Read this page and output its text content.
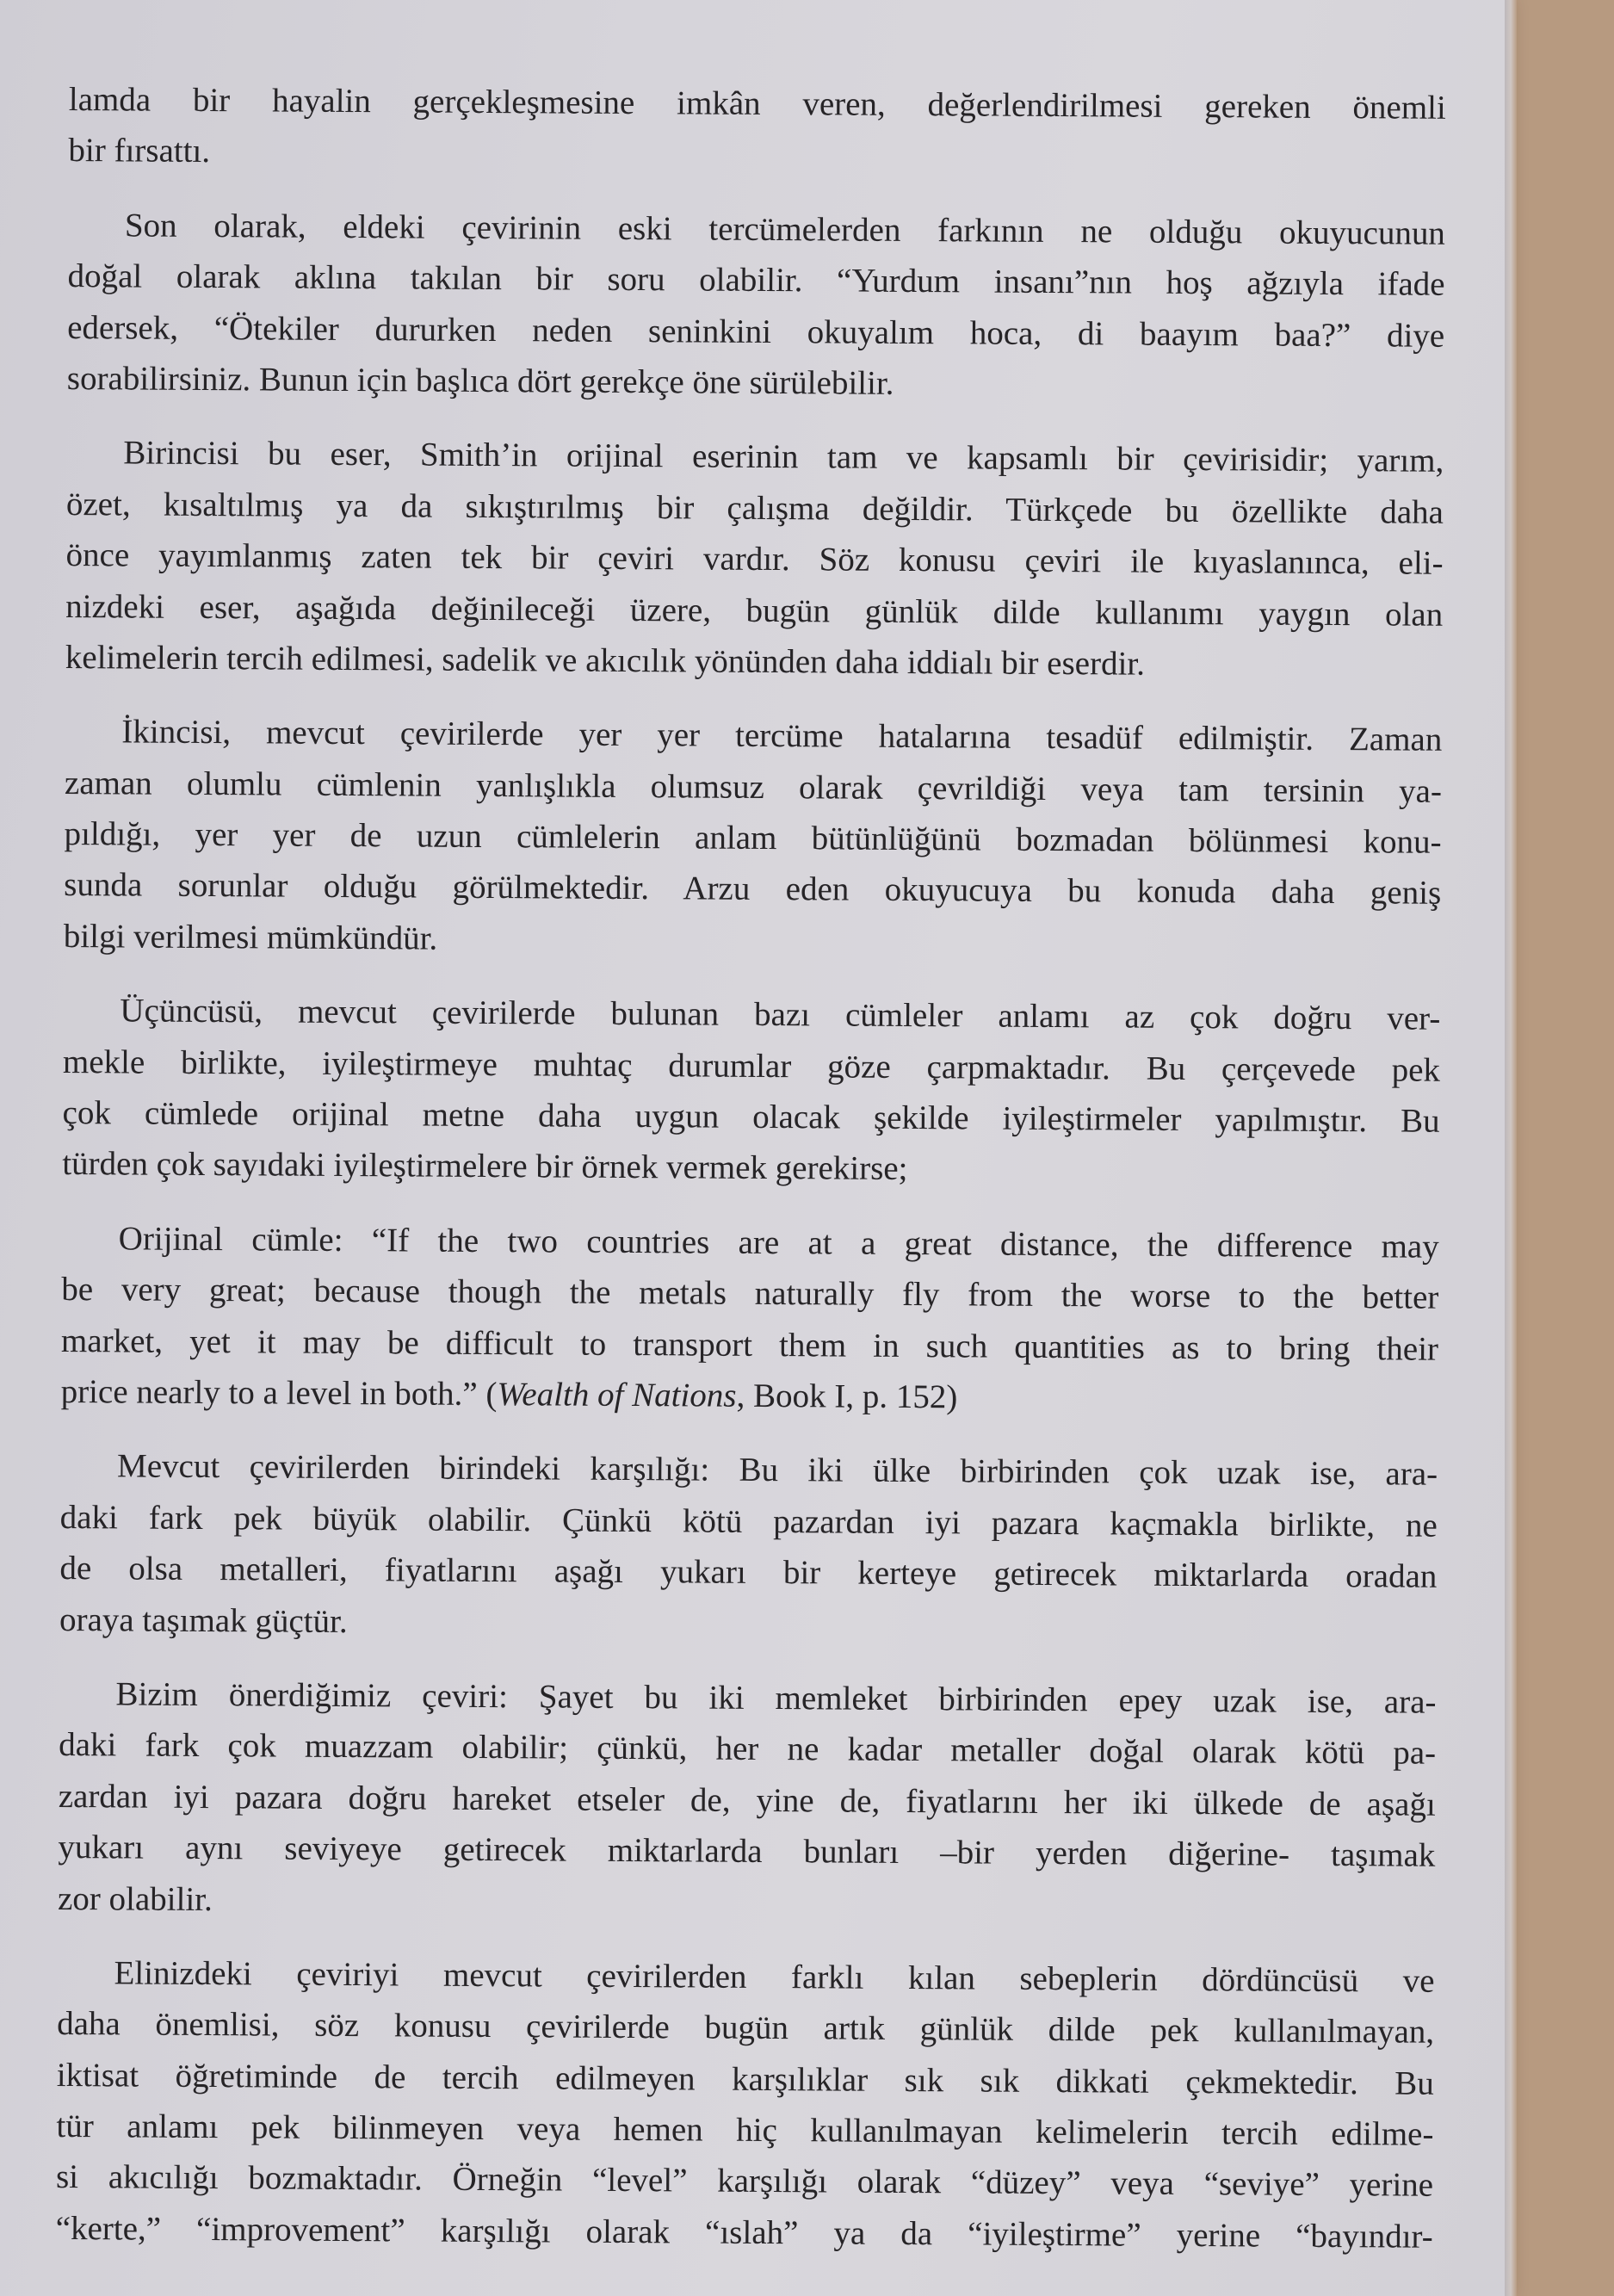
lamda bir hayalin gerçekleşmesine imkân veren, değerlendirilmesi gereken önemli
bir fırsattı.
Son olarak, eldeki çevirinin eski tercümelerden farkının ne olduğu okuyucunun
doğal olarak aklına takılan bir soru olabilir. “Yurdum insanı”nın hoş ağzıyla ifade
edersek, “Ötekiler dururken neden seninkini okuyalım hoca, di baayım baa?” diye
sorabilirsiniz. Bunun için başlıca dört gerekçe öne sürülebilir.
Birincisi bu eser, Smith’in orijinal eserinin tam ve kapsamlı bir çevirisidir; yarım,
özet, kısaltılmış ya da sıkıştırılmış bir çalışma değildir. Türkçede bu özellikte daha
önce yayımlanmış zaten tek bir çeviri vardır. Söz konusu çeviri ile kıyaslanınca, eli-
nizdeki eser, aşağıda değinileceği üzere, bugün günlük dilde kullanımı yaygın olan
kelimelerin tercih edilmesi, sadelik ve akıcılık yönünden daha iddialı bir eserdir.
İkincisi, mevcut çevirilerde yer yer tercüme hatalarına tesadüf edilmiştir. Zaman
zaman olumlu cümlenin yanlışlıkla olumsuz olarak çevrildiği veya tam tersinin ya-
pıldığı, yer yer de uzun cümlelerin anlam bütünlüğünü bozmadan bölünmesi konu-
sunda sorunlar olduğu görülmektedir. Arzu eden okuyucuya bu konuda daha geniş
bilgi verilmesi mümkündür.
Üçüncüsü, mevcut çevirilerde bulunan bazı cümleler anlamı az çok doğru ver-
mekle birlikte, iyileştirmeye muhtaç durumlar göze çarpmaktadır. Bu çerçevede pek
çok cümlede orijinal metne daha uygun olacak şekilde iyileştirmeler yapılmıştır. Bu
türden çok sayıdaki iyileştirmelere bir örnek vermek gerekirse;
Orijinal cümle: “If the two countries are at a great distance, the difference may
be very great; because though the metals naturally fly from the worse to the better
market, yet it may be difficult to transport them in such quantities as to bring their
price nearly to a level in both.” (Wealth of Nations, Book I, p. 152)
Mevcut çevirilerden birindeki karşılığı: Bu iki ülke birbirinden çok uzak ise, ara-
daki fark pek büyük olabilir. Çünkü kötü pazardan iyi pazara kaçmakla birlikte, ne
de olsa metalleri, fiyatlarını aşağı yukarı bir kerteye getirecek miktarlarda oradan
oraya taşımak güçtür.
Bizim önerdiğimiz çeviri: Şayet bu iki memleket birbirinden epey uzak ise, ara-
daki fark çok muazzam olabilir; çünkü, her ne kadar metaller doğal olarak kötü pa-
zardan iyi pazara doğru hareket etseler de, yine de, fiyatlarını her iki ülkede de aşağı
yukarı aynı seviyeye getirecek miktarlarda bunları –bir yerden diğerine- taşımak
zor olabilir.
Elinizdeki çeviriyi mevcut çevirilerden farklı kılan sebeplerin dördüncüsü ve
daha önemlisi, söz konusu çevirilerde bugün artık günlük dilde pek kullanılmayan,
iktisat öğretiminde de tercih edilmeyen karşılıklar sık sık dikkati çekmektedir. Bu
tür anlamı pek bilinmeyen veya hemen hiç kullanılmayan kelimelerin tercih edilme-
si akıcılığı bozmaktadır. Örneğin “level” karşılığı olarak “düzey” veya “seviye” yerine
“kerte,” “improvement” karşılığı olarak “ıslah” ya da “iyileştirme” yerine “bayındır-
